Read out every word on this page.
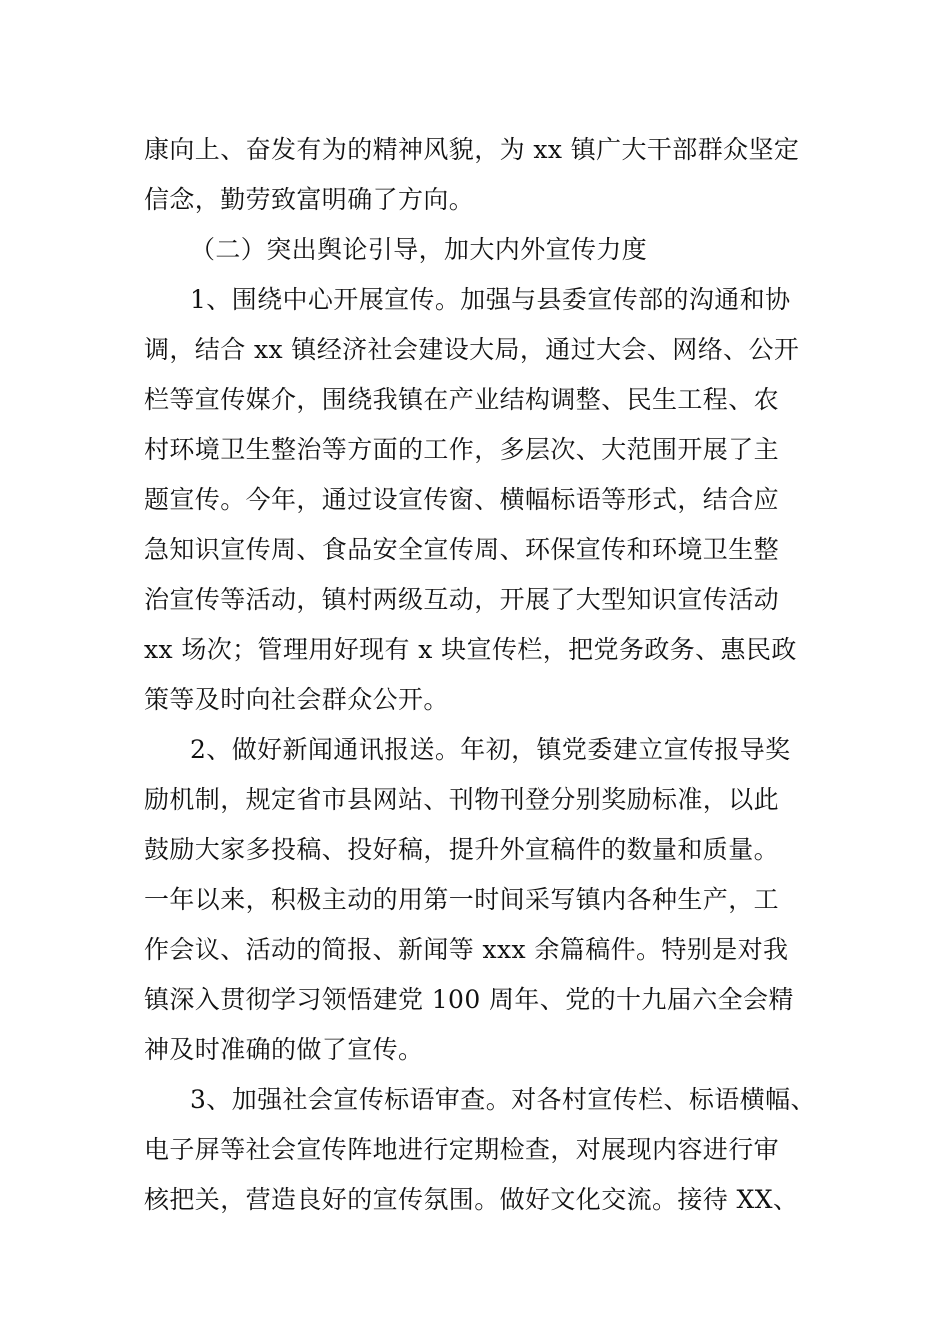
康向上、奋发有为的精神风貌，为 xx 镇广大干部群众坚定
信念，勤劳致富明确了方向。
（二）突出舆论引导，加大内外宣传力度
1、围绕中心开展宣传。加强与县委宣传部的沟通和协
调，结合 xx 镇经济社会建设大局，通过大会、网络、公开
栏等宣传媒介，围绕我镇在产业结构调整、民生工程、农
村环境卫生整治等方面的工作，多层次、大范围开展了主
题宣传。今年，通过设宣传窗、横幅标语等形式，结合应
急知识宣传周、食品安全宣传周、环保宣传和环境卫生整
治宣传等活动，镇村两级互动，开展了大型知识宣传活动
xx 场次；管理用好现有 x 块宣传栏，把党务政务、惠民政
策等及时向社会群众公开。
2、做好新闻通讯报送。年初，镇党委建立宣传报导奖
励机制，规定省市县网站、刊物刊登分别奖励标准，以此
鼓励大家多投稿、投好稿，提升外宣稿件的数量和质量。
一年以来，积极主动的用第一时间采写镇内各种生产，工
作会议、活动的简报、新闻等 xxx 余篇稿件。特别是对我
镇深入贯彻学习领悟建党 100 周年、党的十九届六全会精
神及时准确的做了宣传。
3、加强社会宣传标语审查。对各村宣传栏、标语横幅、
电子屏等社会宣传阵地进行定期检查，对展现内容进行审
核把关，营造良好的宣传氛围。做好文化交流。接待 XX、
